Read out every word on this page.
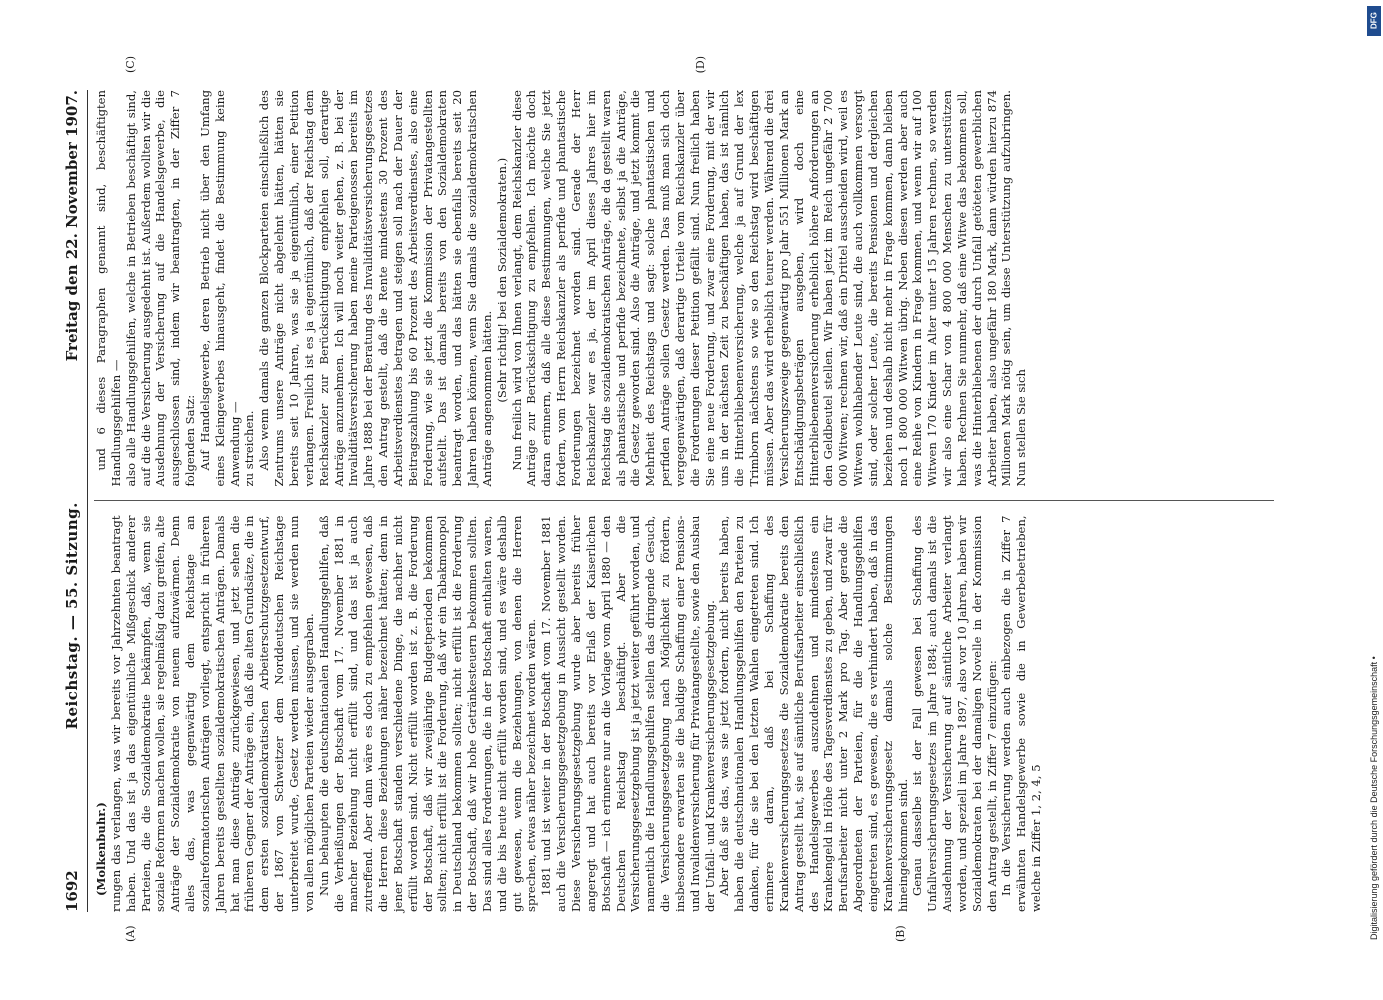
1692
Reichstag. — 55. Sitzung.
Freitag den 22. November 1907.
(A)	(B)

(Molkenbuhr.) rungen das verlangen, was wir bereits vor Jahrzehnten beantragt haben. Und das ist ja das eigentümliche Mißgeschick anderer Parteien, die die Sozialdemokratie bekämpfen, daß, wenn sie soziale Reformen machen wollen, sie regelmäßig dazu greifen, alte Anträge der Sozialdemokratie von neuem aufzuwärmen. Denn alles das, was gegenwärtig dem Reichstage an sozialreformatorischen Anträgen vorliegt, entspricht in früheren Jahren bereits gestellten sozialdemokratischen Anträgen. Damals hat man diese Anträge zurückgewiesen, und jetzt sehen die früheren Gegner der Anträge ein, daß die alten Grundsätze, die in dem ersten sozialdemokratischen Arbeiterschutzgesetzentwurf, der 1867 von Schweitzer dem Norddeutschen Reichstage unterbreitet wurde, Gesetz werden müssen, und sie werden nun von allen möglichen Parteien wieder ausgegraben. Nun behaupten die deutschnationalen Handlungsgehilfen, daß die Verheißungen der Botschaft vom 17. November 1881 in mancher Beziehung nicht erfüllt sind, und das ist ja auch zutreffend. Aber dann wäre es doch zu empfehlen gewesen, daß die Herren diese Beziehungen näher bezeichnet hätten; denn in jener Botschaft standen verschiedene Dinge, die nachher nicht erfüllt worden sind. Nicht erfüllt worden ist z. B. die Forderung der Botschaft, daß wir zweijährige Budgetperioden bekommen sollten; nicht erfüllt ist die Forderung, daß wir ein Tabakmonopol in Deutschland bekommen sollten; nicht erfüllt ist die Forderung der Botschaft, daß wir hohe Getränkesteuern bekommen sollten. Das sind alles Forderungen, die in der Botschaft enthalten waren, und die bis heute nicht erfüllt worden sind, und es wäre deshalb gut gewesen, wenn die Beziehungen, von denen die Herren sprechen, etwas näher bezeichnet worden wären. 1881 und ist weiter in der Botschaft vom 17. November 1881 auch die Versicherungsgesetzgebung in Aussicht gestellt worden. Diese Versicherungsgesetzgebung wurde aber bereits früher angeregt und hat auch bereits vor Erlaß der Kaiserlichen Botschaft — ich erinnere nur an die Vorlage vom April 1880 — den Deutschen Reichstag beschäftigt. Aber die Versicherungsgesetzgebung ist ja jetzt weiter geführt worden, und namentlich die Handlungsgehilfen stellen das dringende Gesuch, die Versicherungsgesetzgebung nach Möglichkeit zu fördern, insbesondere erwarten sie die baldige Schaffung einer Pensions- und Invalidenversicherung für Privatangestellte, sowie den Ausbau der Unfall- und Krankenversicherungsgesetzgebung. Aber daß sie das, was sie jetzt fordern, nicht bereits haben, haben die deutschnationalen Handlungsgehilfen den Parteien zu danken, für die sie bei den letzten Wahlen eingetreten sind. Ich erinnere daran, daß bei Schaffung des Krankenversicherungsgesetzes die Sozialdemokratie bereits den Antrag gestellt hat, sie auf sämtliche Berufsarbeiter einschließlich des Handelsgewerbes auszudehnen und mindestens ein Krankengeld in Höhe des Tagesverdienstes zu geben, und zwar für Berufsarbeiter nicht unter 2 Mark pro Tag. Aber gerade die Abgeordneten der Parteien, für die die Handlungsgehilfen eingetreten sind, es gewesen, die es verhindert haben, daß in das Krankenversicherungsgesetz damals solche Bestimmungen hineingekommen sind. Genau dasselbe ist der Fall gewesen bei Schaffung des Unfallversicherungsgesetzes im Jahre 1884; auch damals ist die Ausdehnung der Versicherung auf sämtliche Arbeiter verlangt worden, und speziell im Jahre 1897, also vor 10 Jahren, haben wir Sozialdemokraten bei der damaligen Novelle in der Kommission den Antrag gestellt, in Ziffer 7 einzufügen: In die Versicherung werden auch einbezogen die in Ziffer 7 erwähnten Handelsgewerbe sowie die in Gewerbebetrieben, welche in Ziffer 1, 2, 4, 5

(C)	(D)

und 6 dieses Paragraphen genannt sind, beschäftigten Handlungsgehilfen — also alle Handlungsgehilfen, welche in Betrieben beschäftigt sind, auf die die Versicherung ausgedehnt ist. Außerdem wollten wir die Ausdehnung der Versicherung auf die Handelsgewerbe, die ausgeschlossen sind, indem wir beantragten, in der Ziffer 7 folgenden Satz: Auf Handelsgewerbe, deren Betrieb nicht über den Umfang eines Kleingewerbes hinausgeht, findet die Bestimmung keine Anwendung — zu streichen. Also wenn damals die ganzen Blockparteien einschließlich des Zentrums unsere Anträge nicht abgelehnt hätten, hätten sie bereits seit 10 Jahren, was sie ja eigentümlich, einer Petition verlangen. Freilich ist es ja eigentümlich, daß der Reichstag dem Reichskanzler zur Berücksichtigung empfehlen soll, derartige Anträge anzunehmen. Ich will noch weiter gehen, z. B. bei der Invaliditätsversicherung haben meine Parteigenossen bereits im Jahre 1888 bei der Beratung des Invaliditätsversicherungsgesetzes den Antrag gestellt, daß die Rente mindestens 30 Prozent des Arbeitsverdienstes betragen und steigen soll nach der Dauer der Beitragszahlung bis 60 Prozent des Arbeitsverdienstes, also eine Forderung, wie sie jetzt die Kommission der Privatangestellten aufstellt. Das ist damals bereits von den Sozialdemokraten beantragt worden, und das hätten sie ebenfalls bereits seit 20 Jahren haben können, wenn Sie damals die sozialdemokratischen Anträge angenommen hätten. (Sehr richtig! bei den Sozialdemokraten.) Nun freilich wird von Ihnen verlangt, dem Reichskanzler diese Anträge zur Berücksichtigung zu empfehlen. Ich möchte doch daran erinnern, daß alle diese Bestimmungen, welche Sie jetzt fordern, vom Herrn Reichskanzler als perfide und phantastische Forderungen bezeichnet worden sind. Gerade der Herr Reichskanzler war es ja, der im April dieses Jahres hier im Reichstag die sozialdemokratischen Anträge, die da gestellt waren als phantastische und perfide bezeichnete, selbst ja die Anträge, die Gesetz geworden sind. Also die Anträge, und jetzt kommt die Mehrheit des Reichstags und sagt: solche phantastischen und perfiden Anträge sollen Gesetz werden. Das muß man sich doch vergegenwärtigen, daß derartige Urteile vom Reichskanzler über die Forderungen dieser Petition gefällt sind. Nun freilich haben Sie eine neue Forderung, und zwar eine Forderung, mit der wir uns in der nächsten Zeit zu beschäftigen haben, das ist nämlich die Hinterbliebenenversicherung, welche ja auf Grund der lex Trimborn nächstens so wie so den Reichstag wird beschäftigen müssen. Aber das wird erheblich teurer werden. Während die drei Versicherungszweige gegenwärtig pro Jahr 551 Millionen Mark an Entschädigungsbeträgen ausgeben, wird doch eine Hinterbliebenenversicherung erheblich höhere Anforderungen an den Geldbeutel stellen. Wir haben jetzt im Reich ungefähr 2 700 000 Witwen; rechnen wir, daß ein Drittel ausscheiden wird, weil es Witwen wohlhabender Leute sind, die auch vollkommen versorgt sind, oder solcher Leute, die bereits Pensionen und dergleichen beziehen und deshalb nicht mehr in Frage kommen, dann bleiben noch 1 800 000 Witwen übrig. Neben diesen werden aber auch eine Reihe von Kindern in Frage kommen, und wenn wir auf 100 Witwen 170 Kinder im Alter unter 15 Jahren rechnen, so werden wir also eine Schar von 4 800 000 Menschen zu unterstützen haben. Rechnen Sie nunmehr, daß eine Witwe das bekommen soll, was die Hinterbliebenen der durch Unfall getöteten gewerblichen Arbeiter haben, also ungefähr 180 Mark, dann würden hierzu 874 Millionen Mark nötig sein, um diese Unterstützung aufzubringen. Nun stellen Sie sich

DFG
Digitalisierung gefördert durch die Deutsche Forschungsgemeinschaft •
